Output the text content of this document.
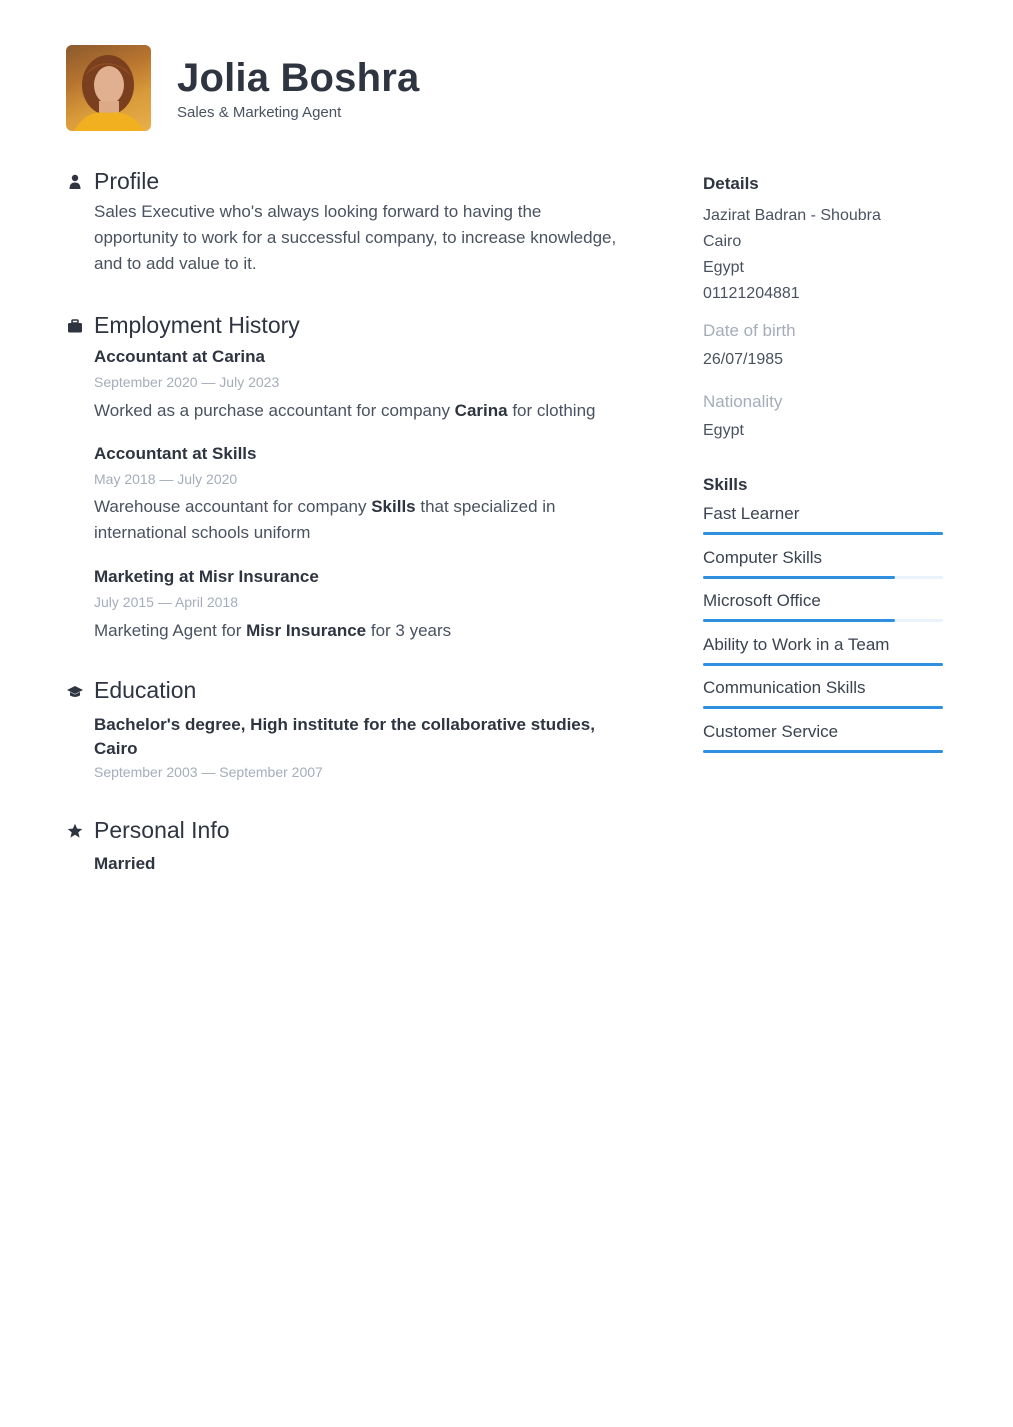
Jolia Boshra
Sales & Marketing Agent
Profile
Sales Executive who's always looking forward to having the
opportunity to work for a successful company, to increase knowledge,
and to add value to it.
Employment History
Accountant at Carina
September 2020 — July 2023
Worked as a purchase accountant for company Carina for clothing
Accountant at Skills
May 2018 — July 2020
Warehouse accountant for company Skills that specialized in
international schools uniform
Marketing at Misr Insurance
July 2015 — April 2018
Marketing Agent for Misr Insurance for 3 years
Education
Bachelor's degree, High institute for the collaborative studies,
Cairo
September 2003 — September 2007
Personal Info
Married
Details
Jazirat Badran - Shoubra
Cairo
Egypt
01121204881
Date of birth
26/07/1985
Nationality
Egypt
Skills
Fast Learner
Computer Skills
Microsoft Office
Ability to Work in a Team
Communication Skills
Customer Service
